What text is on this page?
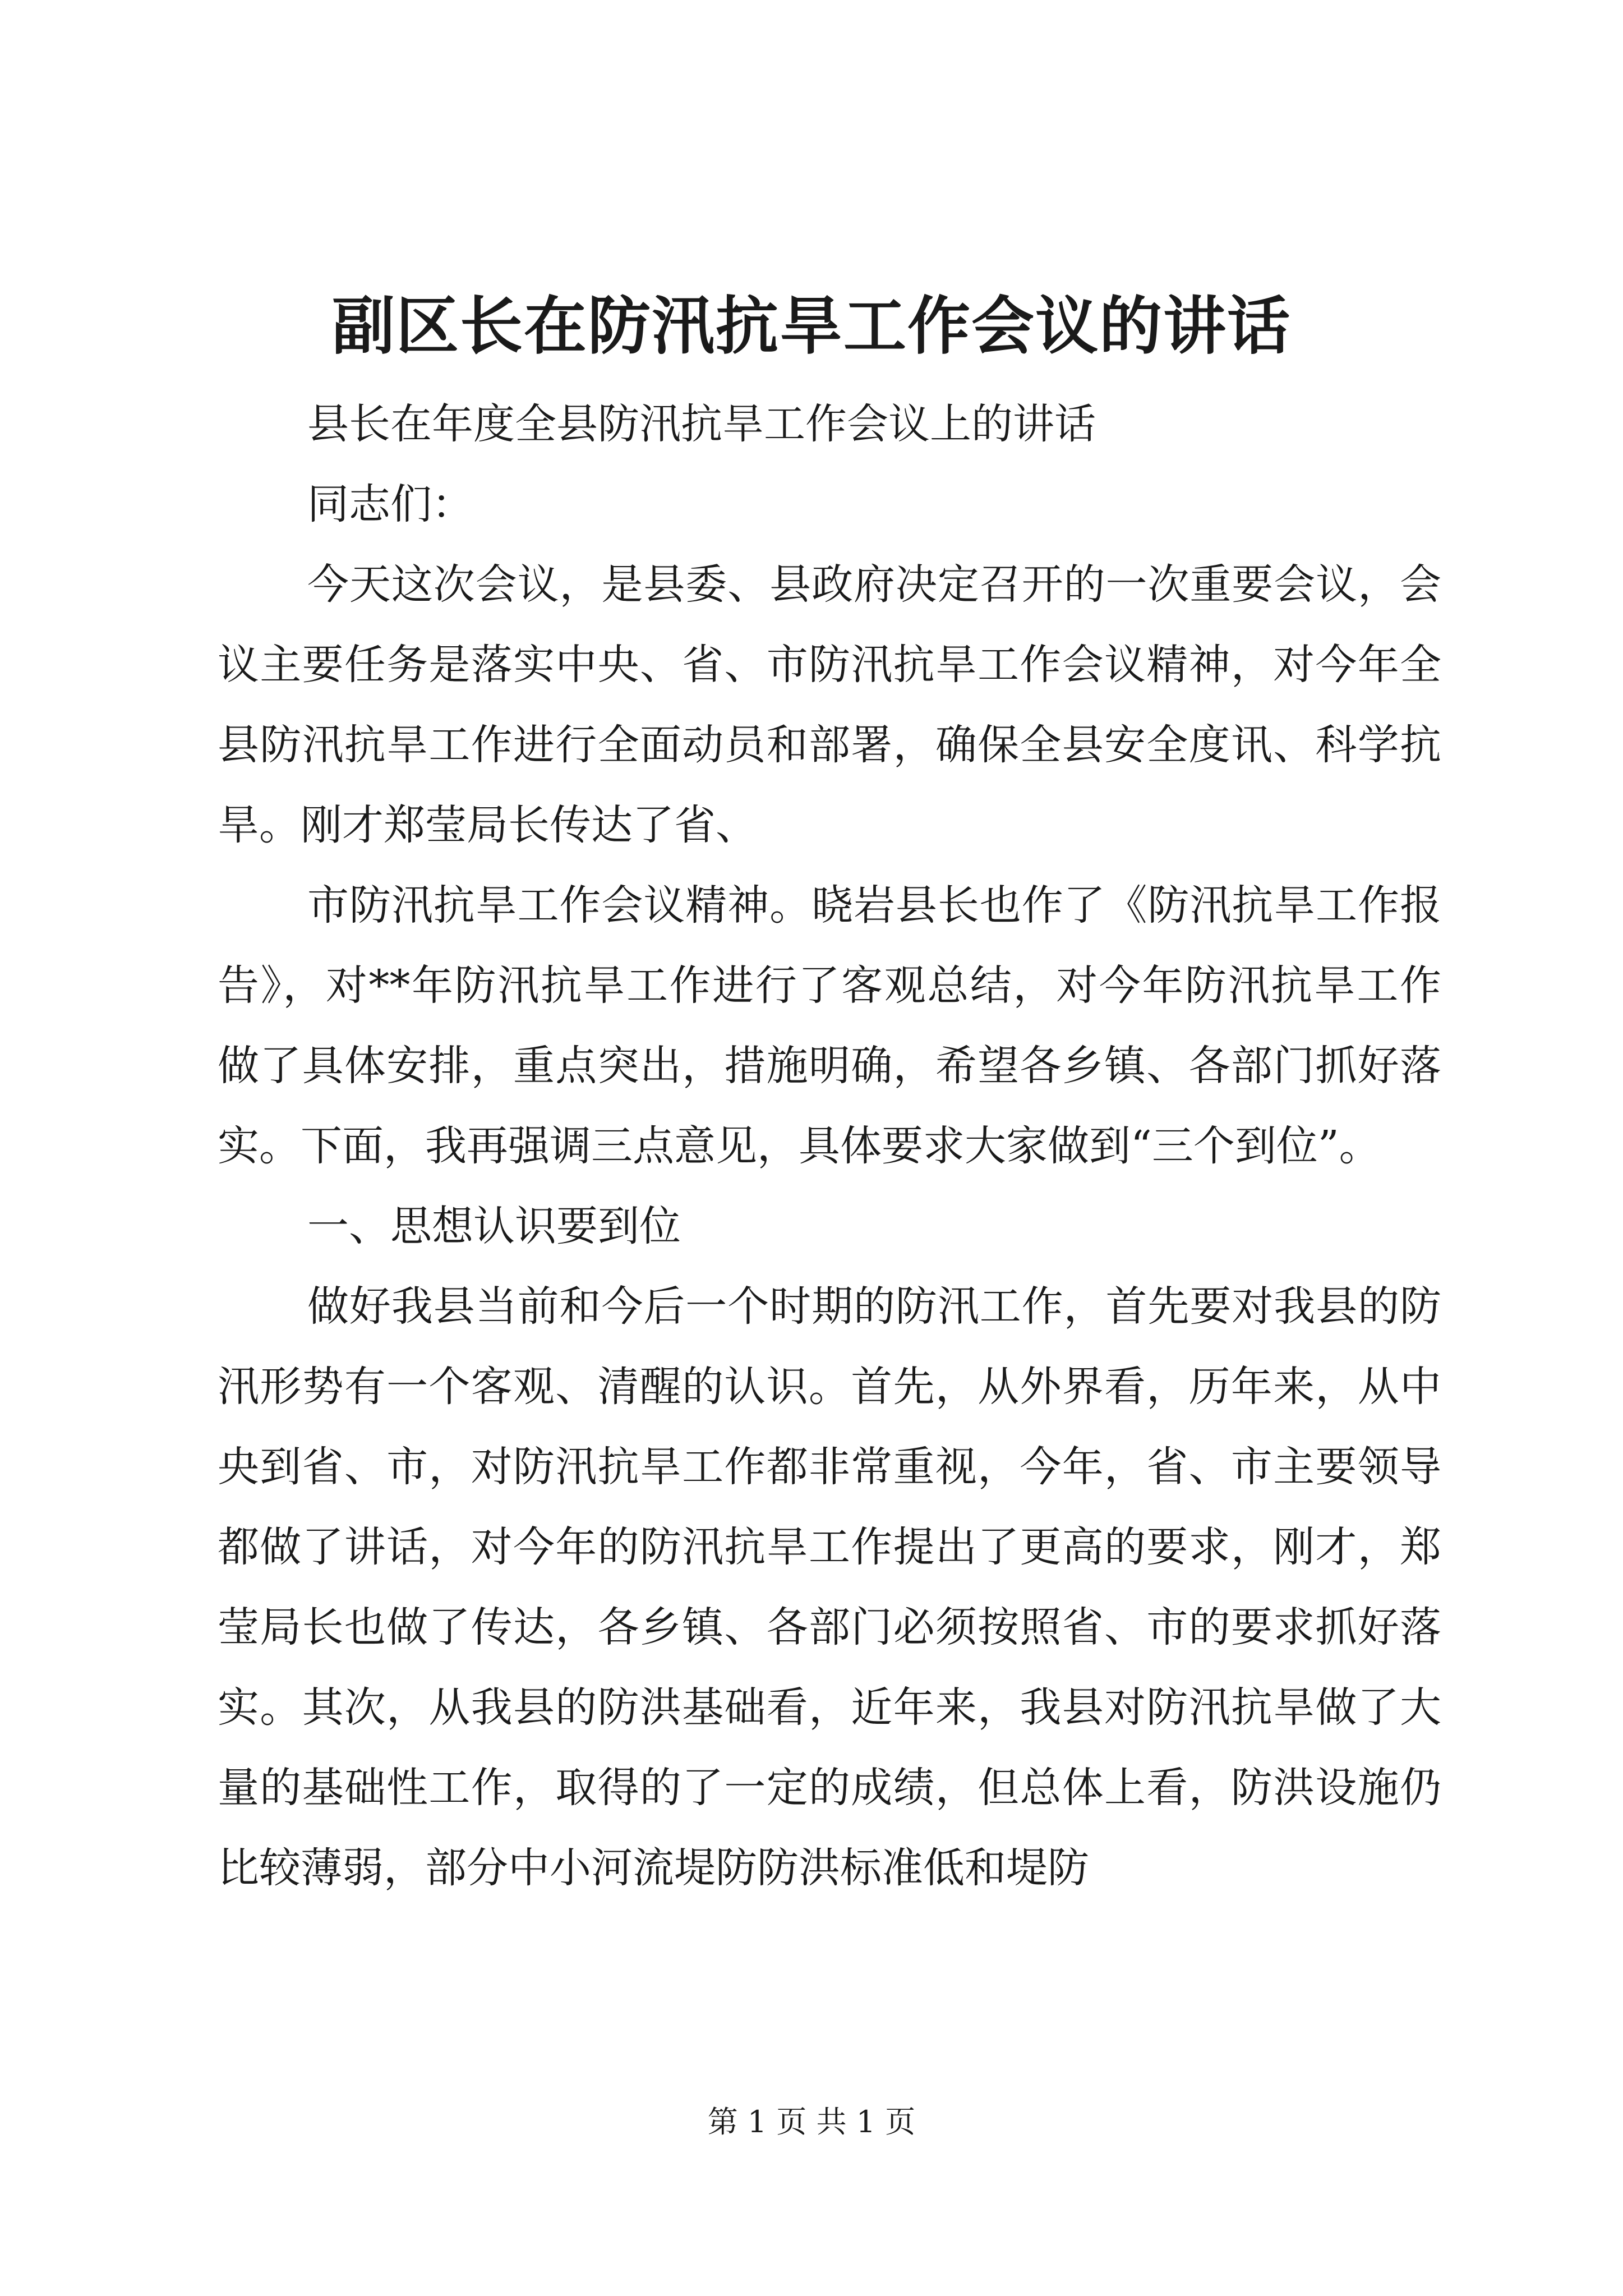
副区长在防汛抗旱工作会议的讲话

县长在年度全县防汛抗旱工作会议上的讲话

同志们：

今天这次会议，是县委、县政府决定召开的一次重要会议，会议主要任务是落实中央、省、市防汛抗旱工作会议精神，对今年全县防汛抗旱工作进行全面动员和部署，确保全县安全度讯、科学抗旱。刚才郑莹局长传达了省、

市防汛抗旱工作会议精神。晓岩县长也作了《防汛抗旱工作报告》，对**年防汛抗旱工作进行了客观总结，对今年防汛抗旱工作做了具体安排，重点突出，措施明确，希望各乡镇、各部门抓好落实。下面，我再强调三点意见，具体要求大家做到“三个到位”。

一、思想认识要到位

做好我县当前和今后一个时期的防汛工作，首先要对我县的防汛形势有一个客观、清醒的认识。首先，从外界看，历年来，从中央到省、市，对防汛抗旱工作都非常重视，今年，省、市主要领导都做了讲话，对今年的防汛抗旱工作提出了更高的要求，刚才，郑莹局长也做了传达，各乡镇、各部门必须按照省、市的要求抓好落实。其次，从我县的防洪基础看，近年来，我县对防汛抗旱做了大量的基础性工作，取得的了一定的成绩，但总体上看，防洪设施仍比较薄弱，部分中小河流堤防防洪标准低和堤防

第 1 页 共 1 页
